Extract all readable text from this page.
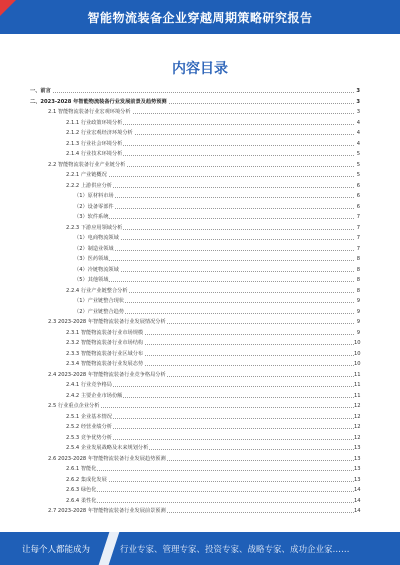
智能物流装备企业穿越周期策略研究报告
内容目录
一、前言	3
二、2023-2028 年智能物流装备行业发展前景及趋势预测	3
2.1 智能物流装备行业宏观环境分析	3
2.1.1 行业政策环境分析	4
2.1.2 行业宏观经济环境分析	4
2.1.3 行业社会环境分析	4
2.1.4 行业技术环境分析	5
2.2 智能物流装备行业产业链分析	5
2.2.1 产业链概况	5
2.2.2 上游供应分析	6
（1）原材料市场	6
（2）设备零部件	6
（3）软件系统	7
2.2.3 下游应用领域分析	7
（1）电商物流领域	7
（2）制造业领域	7
（3）医药领域	8
（4）冷链物流领域	8
（5）其他领域	8
2.2.4 行业产业链整合分析	8
（1）产业链整合现状	9
（2）产业链整合趋势	9
2.3 2023-2028 年智能物流装备行业发展情况分析	9
2.3.1 智能物流装备行业市场规模	9
2.3.2 智能物流装备行业市场结构	10
2.3.3 智能物流装备行业区域分布	10
2.3.4 智能物流装备行业发展态势	10
2.4 2023-2028 年智能物流装备行业竞争格局分析	11
2.4.1 行业竞争格局	11
2.4.2 主要企业市场份额	11
2.5 行业重点企业分析	12
2.5.1 企业基本情况	12
2.5.2 经营业绩分析	12
2.5.3 竞争优势分析	12
2.5.4 企业发展战略及未来规划分析	13
2.6 2023-2028 年智能物流装备行业发展趋势预测	13
2.6.1 智能化	13
2.6.2 集成化发展	13
2.6.3 绿色化	14
2.6.4 柔性化	14
2.7 2023-2028 年智能物流装备行业发展前景预测	14
让每个人都能成为	行业专家、管理专家、投资专家、战略专家、成功企业家……
